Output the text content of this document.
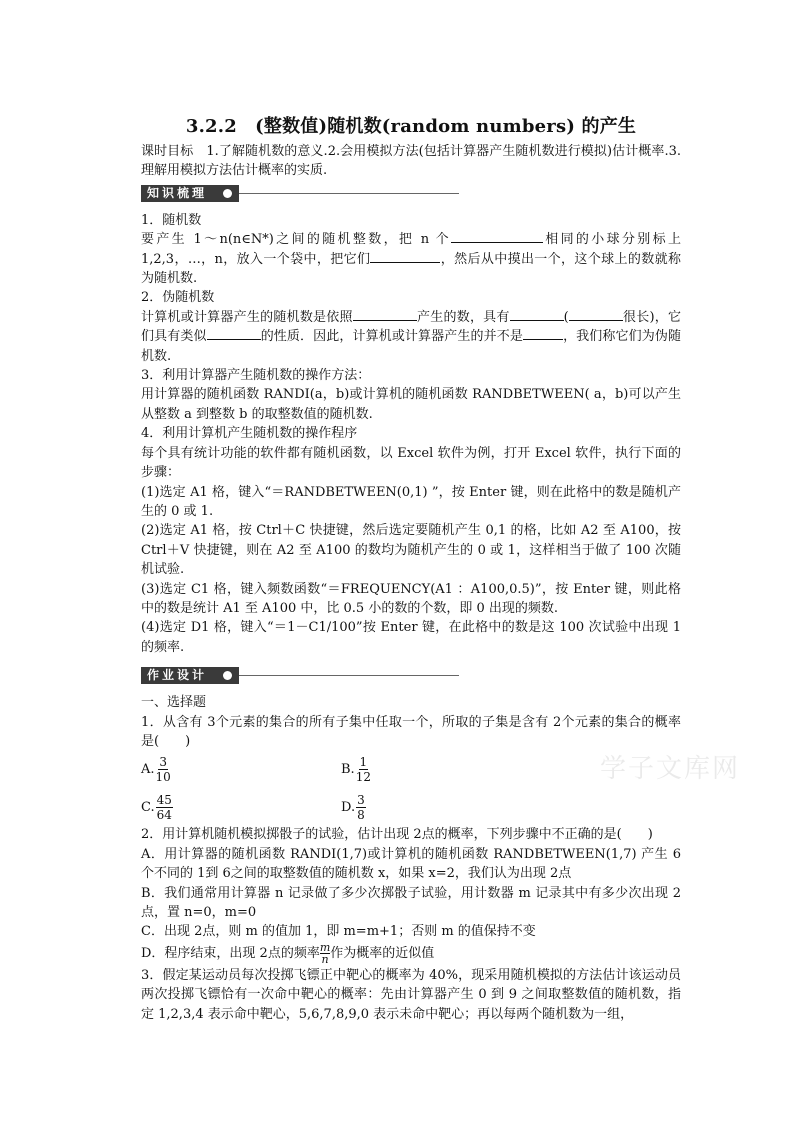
3.2.2　(整数值)随机数(random numbers) 的产生

课时目标　1.了解随机数的意义.2.会用模拟方法(包括计算器产生随机数进行模拟)估计概率.3.理解用模拟方法估计概率的实质.

知识梳理

1．随机数

要产生 1～n(n∈N*)之间的随机整数，把 n 个	相同的小球分别标上1,2,3，…，n，放入一个袋中，把它们	，然后从中摸出一个，这个球上的数就称为随机数.

2．伪随机数

计算机或计算器产生的随机数是依照	产生的数，具有	(	很长)，它们具有类似	的性质．因此，计算机或计算器产生的并不是	，我们称它们为伪随机数.

3．利用计算器产生随机数的操作方法：

用计算器的随机函数 RANDI(a，b)或计算机的随机函数 RANDBETWEEN( a，b)可以产生从整数 a 到整数 b 的取整数值的随机数.

4．利用计算机产生随机数的操作程序

每个具有统计功能的软件都有随机函数，以 Excel 软件为例，打开 Excel 软件，执行下面的步骤：

(1)选定 A1 格，键入“＝RANDBETWEEN(0,1) ”，按 Enter 键，则在此格中的数是随机产生的 0 或 1.

(2)选定 A1 格，按 Ctrl＋C 快捷键，然后选定要随机产生 0,1 的格，比如 A2 至 A100，按 Ctrl＋V 快捷键，则在 A2 至 A100 的数均为随机产生的 0 或 1，这样相当于做了 100 次随机试验.

(3)选定 C1 格，键入频数函数“＝FREQUENCY(A1 ：A100,0.5)”，按 Enter 键，则此格中的数是统计 A1 至 A100 中，比 0.5 小的数的个数，即 0 出现的频数.

(4)选定 D1 格，键入“＝1－C1/100”按 Enter 键，在此格中的数是这 100 次试验中出现 1 的频率.

作业设计

一、选择题

1．从含有 3个元素的集合的所有子集中任取一个，所取的子集是含有 2个元素的集合的概率是(　　)

A. $\frac{3}{10}$	B. $\frac{1}{12}$
C. $\frac{45}{64}$	D. $\frac{3}{8}$

2．用计算机随机模拟掷骰子的试验，估计出现 2点的概率，下列步骤中不正确的是(　　)

A．用计算器的随机函数 RANDI(1,7)或计算机的随机函数 RANDBETWEEN(1,7) 产生 6个不同的 1到 6之间的取整数值的随机数 x，如果 x=2，我们认为出现 2点

B．我们通常用计算器 n 记录做了多少次掷骰子试验，用计数器 m 记录其中有多少次出现 2点，置 n=0，m=0

C．出现 2点，则 m 的值加 1，即 m=m+1；否则 m 的值保持不变

D．程序结束，出现 2点的频率 $\frac{m}{n}$ 作为概率的近似值

3．假定某运动员每次投掷飞镖正中靶心的概率为 40%，现采用随机模拟的方法估计该运动员两次投掷飞镖恰有一次命中靶心的概率：先由计算器产生 0 到 9 之间取整数值的随机数，指定 1,2,3,4 表示命中靶心，5,6,7,8,9,0 表示未命中靶心；再以每两个随机数为一组，

学子文库网
